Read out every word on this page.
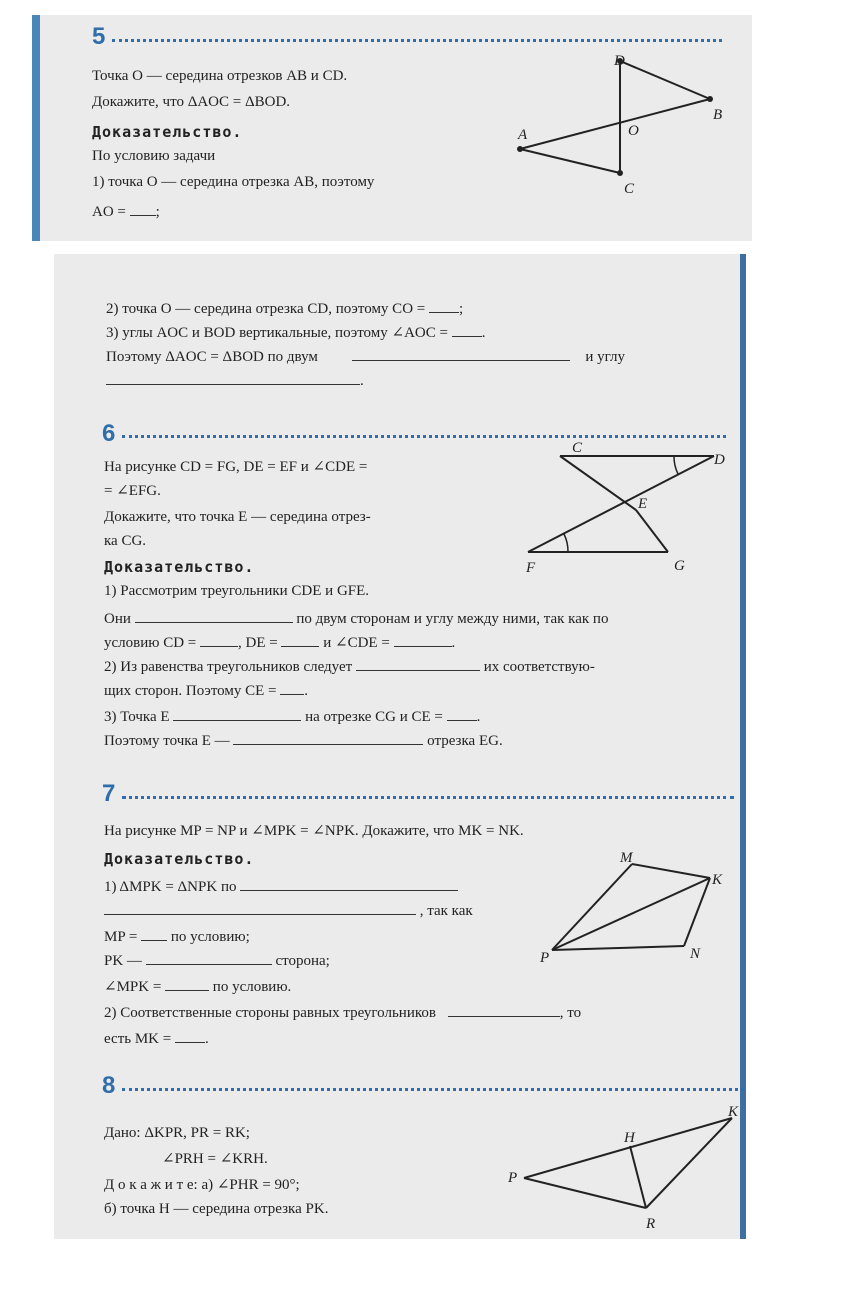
5
Точка O — середина отрезков AB и CD.
Докажите, что ΔAOC = ΔBOD.
Доказательство.
По условию задачи
1) точка O — середина отрезка AB, поэтому
AO = ;
D
B
A	O
C
2) точка O — середина отрезка CD, поэтому CO = ;
3) углы AOC и BOD вертикальные, поэтому ∠AOC = .
Поэтому ΔAOC = ΔBOD по двум	и углу
.
6
На рисунке CD = FG, DE = EF и ∠CDE =
= ∠EFG.
Докажите, что точка E — середина отрез-
ка CG.
Доказательство.
1) Рассмотрим треугольники CDE и GFE.
Они	по двум сторонам и углу между ними, так как по
условию CD =	, DE =	и ∠CDE =	.
2) Из равенства треугольников следует	их соответствую-
щих сторон. Поэтому CE = .
3) Точка E	на отрезке CG и CE = .
Поэтому точка E —	отрезка EG.
C
D
E
F	G
7
На рисунке MP = NP и ∠MPK = ∠NPK. Докажите, что MK = NK.
Доказательство.
1) ΔMPK = ΔNPK по
, так как
MP = по условию;
PK —	сторона;
∠MPK =	по условию.
2) Соответственные стороны равных треугольников	, то
есть MK = .
M
K
N
P
8
Дано: ΔKPR, PR = RK;
∠PRH = ∠KRH.
Д о к а ж и т е: а) ∠PHR = 90°;
б) точка H — середина отрезка PK.
K
H
P
R
